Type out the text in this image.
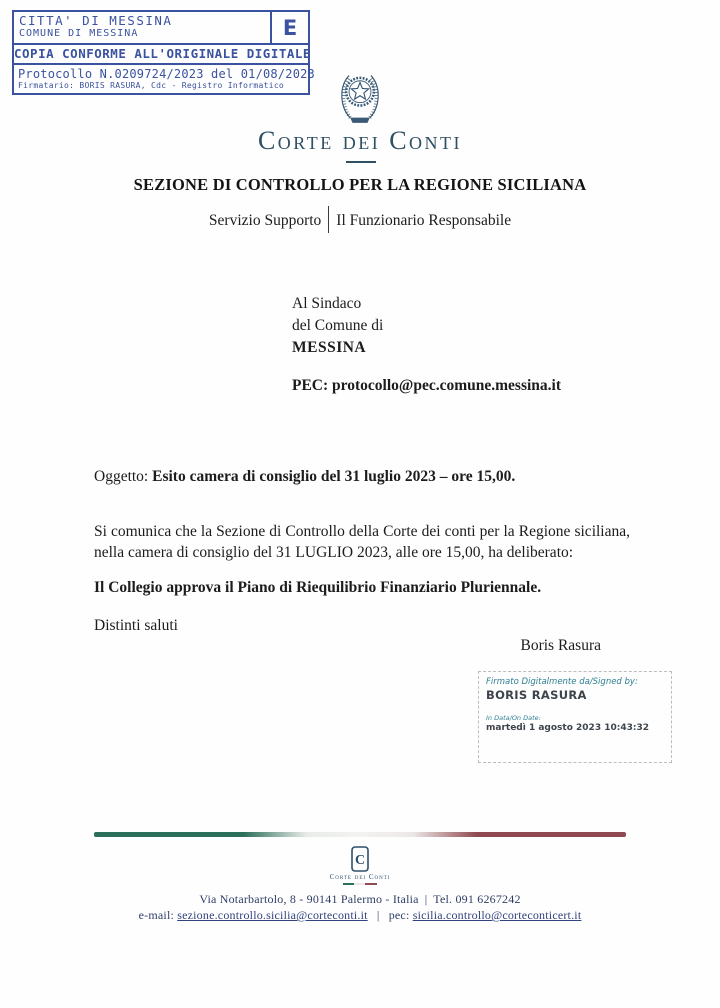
CITTA' DI MESSINA
COMUNE DI MESSINA	E
COPIA CONFORME ALL'ORIGINALE DIGITALE
Protocollo N.0209724/2023 del 01/08/2023
Firmatario: BORIS RASURA, Cdc - Registro Informatico
Corte dei Conti
SEZIONE DI CONTROLLO PER LA REGIONE SICILIANA
Servizio Supporto Il Funzionario Responsabile
Al Sindaco
del Comune di
MESSINA
PEC: protocollo@pec.comune.messina.it
Oggetto: Esito camera di consiglio del 31 luglio 2023 – ore 15,00.
Si comunica che la Sezione di Controllo della Corte dei conti per la Regione siciliana, nella camera di consiglio del 31 LUGLIO 2023, alle ore 15,00, ha deliberato:
Il Collegio approva il Piano di Riequilibrio Finanziario Pluriennale.
Distinti saluti
Boris Rasura
Firmato Digitalmente da/Signed by:
BORIS RASURA
In Data/On Date:
martedì 1 agosto 2023 10:43:32
C
Corte dei Conti
Via Notarbartolo, 8 - 90141 Palermo - Italia | Tel. 091 6267242
e-mail: sezione.controllo.sicilia@corteconti.it | pec: sicilia.controllo@corteconticert.it
